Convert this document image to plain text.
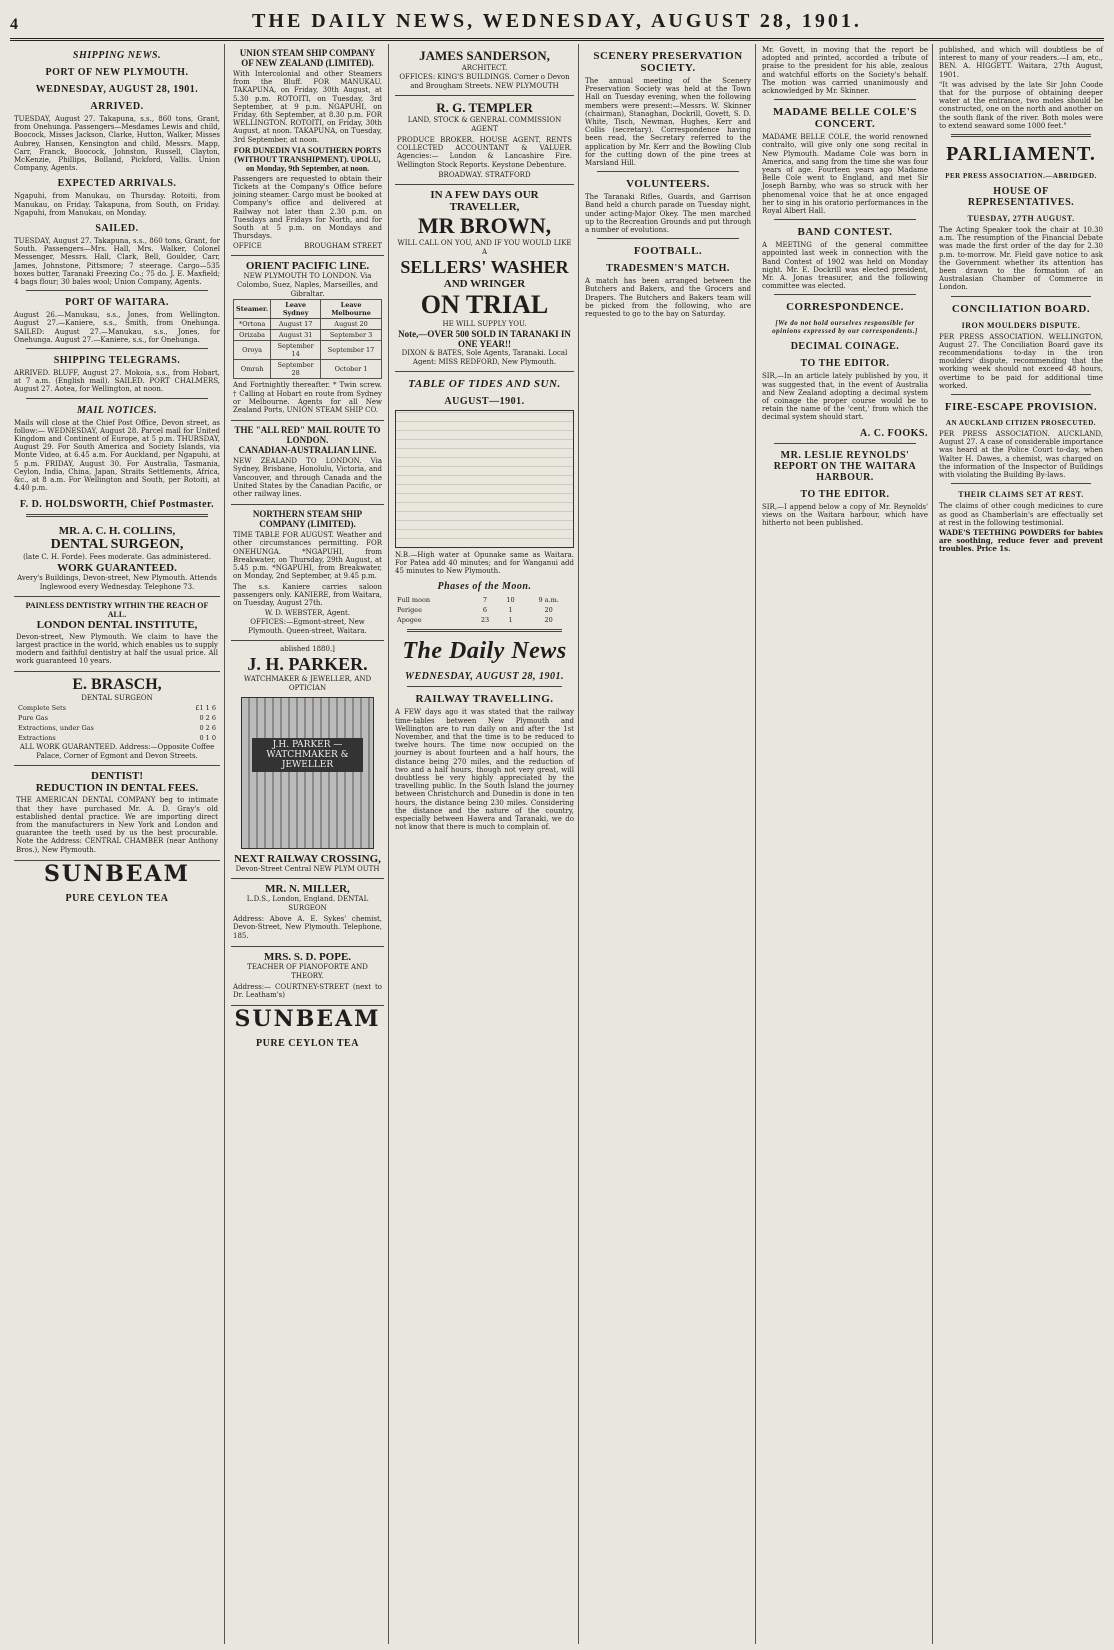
4	THE DAILY NEWS, WEDNESDAY, AUGUST 28, 1901.
SHIPPING NEWS.
PORT OF NEW PLYMOUTH.
WEDNESDAY, AUGUST 28, 1901.
ARRIVED.

TUESDAY, August 27. Takapuna, s.s., 860 tons, Grant, from Onehunga. Passengers—Mesdames Lewis and child, Boocock, Misses Jackson, Clarke, Hutton, Walker, Misses Aubrey, Hansen, Kensington and child, Messrs. Mapp, Carr, Franck, Boocock, Johnston, Russell, Clayton, McKenzie, Phillips, Bolland, Pickford, Vallis. Union Company, Agents.

EXPECTED ARRIVALS.

Ngapuhi, from Manukau, on Thursday. Rotoiti, from Manukau, on Friday. Takapuna, from South, on Friday. Ngapuhi, from Manukau, on Monday.

SAILED.

TUESDAY, August 27. Takapuna, s.s., 860 tons, Grant, for South. Passengers—Mrs. Hall, Mrs. Walker, Colonel Messenger, Messrs. Hall, Clark, Bell, Goulder, Carr, James, Johnstone, Pittsmore; 7 steerage. Cargo—535 boxes butter, Taranaki Freezing Co.; 75 do. J. E. Maxfield; 4 bags flour; 30 bales wool; Union Company, Agents.

PORT OF WAITARA.

August 26.—Manukau, s.s., Jones, from Wellington. August 27.—Kaniere, s.s., Smith, from Onehunga. SAILED: August 27.—Manukau, s.s., Jones, for Onehunga. August 27.—Kaniere, s.s., for Onehunga.

SHIPPING TELEGRAMS.

ARRIVED. BLUFF, August 27. Mokoia, s.s., from Hobart, at 7 a.m. (English mail). SAILED. PORT CHALMERS, August 27. Aotea, for Wellington, at noon.

MAIL NOTICES.

Mails will close at the Chief Post Office, Devon street, as follow:— WEDNESDAY, August 28. Parcel mail for United Kingdom and Continent of Europe, at 5 p.m. THURSDAY, August 29. For South America and Society Islands, via Monte Video, at 6.45 a.m. For Auckland, per Ngapuhi, at 5 p.m. FRIDAY, August 30. For Australia, Tasmania, Ceylon, India, China, Japan, Straits Settlements, Africa, &c., at 8 a.m. For Wellington and South, per Rotoiti, at 4.40 p.m.

F. D. HOLDSWORTH, Chief Postmaster.
MR. A. C. H. COLLINS,
DENTAL SURGEON,
(late C. H. Forde). Fees moderate. Gas administered.
WORK GUARANTEED.
Avery's Buildings, Devon-street, New Plymouth. Attends Inglewood every Wednesday. Telephone 73.
PAINLESS DENTISTRY WITHIN THE REACH OF ALL.
LONDON DENTAL INSTITUTE,

Devon-street, New Plymouth. We claim to have the largest practice in the world, which enables us to supply modern and faithful dentistry at half the usual price. All work guaranteed 10 years.

E. BRASCH,
DENTAL SURGEON
Complete Sets	£1 1 6
Pure Gas	0 2 6
Extractions, under Gas	0 2 6
Extractions	0 1 0
ALL WORK GUARANTEED. Address:—Opposite Coffee Palace, Corner of Egmont and Devon Streets.
DENTIST!
REDUCTION IN DENTAL FEES.

THE AMERICAN DENTAL COMPANY beg to intimate that they have purchased Mr. A. D. Gray's old established dental practice. We are importing direct from the manufacturers in New York and London and guarantee the teeth used by us the best procurable. Note the Address: CENTRAL CHAMBER (near Anthony Bros.), New Plymouth.

SUNBEAM
PURE CEYLON TEA
UNION STEAM SHIP COMPANY OF NEW ZEALAND (LIMITED).

With Intercolonial and other Steamers from the Bluff. FOR MANUKAU. TAKAPUNA, on Friday, 30th August, at 5.30 p.m. ROTOITI, on Tuesday, 3rd September, at 9 p.m. NGAPUHI, on Friday, 6th September, at 8.30 p.m. FOR WELLINGTON. ROTOITI, on Friday, 30th August, at noon. TAKAPUNA, on Tuesday, 3rd September, at noon.

FOR DUNEDIN VIA SOUTHERN PORTS (WITHOUT TRANSHIPMENT). UPOLU, on Monday, 9th September, at noon.

Passengers are requested to obtain their Tickets at the Company's Office before joining steamer. Cargo must be booked at Company's office and delivered at Railway not later than 2.30 p.m. on Tuesdays and Fridays for North, and for South at 5 p.m. on Mondays and Thursdays.

OFFICE	BROUGHAM STREET
ORIENT PACIFIC LINE.
NEW PLYMOUTH TO LONDON. Via Colombo, Suez, Naples, Marseilles, and Gibraltar.
Steamer.	Leave Sydney	Leave Melbourne
*Ortona	August 17	August 20
Orizaba	August 31	September 3
Oroya	September 14	September 17
Omrah	September 28	October 1

And Fortnightly thereafter. * Twin screw. † Calling at Hobart en route from Sydney or Melbourne. Agents for all New Zealand Ports, UNION STEAM SHIP CO.

THE "ALL RED" MAIL ROUTE TO LONDON.
CANADIAN-AUSTRALIAN LINE.

NEW ZEALAND TO LONDON. Via Sydney, Brisbane, Honolulu, Victoria, and Vancouver, and through Canada and the United States by the Canadian Pacific, or other railway lines.

NORTHERN STEAM SHIP COMPANY (LIMITED).

TIME TABLE FOR AUGUST. Weather and other circumstances permitting. FOR ONEHUNGA. *NGAPUHI, from Breakwater, on Thursday, 29th August, at 5.45 p.m. *NGAPUHI, from Breakwater, on Monday, 2nd September, at 9.45 p.m.

The s.s. Kaniere carries saloon passengers only. KANIERE, from Waitara, on Tuesday, August 27th.

W. D. WEBSTER, Agent.
OFFICES:—Egmont-street, New Plymouth. Queen-street, Waitara.
ablished 1880.]
J. H. PARKER.
WATCHMAKER & JEWELLER, AND OPTICIAN
J.H. PARKER — WATCHMAKER & JEWELLER
NEXT RAILWAY CROSSING,
Devon-Street Central NEW PLYM OUTH
MR. N. MILLER,
L.D.S., London, England. DENTAL SURGEON

Address: Above A. E. Sykes' chemist, Devon-Street, New Plymouth. Telephone, 185.

MRS. S. D. POPE.
TEACHER OF PIANOFORTE AND THEORY.

Address:— COURTNEY-STREET (next to Dr. Leatham's)

SUNBEAM
PURE CEYLON TEA
JAMES SANDERSON,
ARCHITECT.
OFFICES: KING'S BUILDINGS. Corner o Devon and Brougham Streets. NEW PLYMOUTH
R. G. TEMPLER
LAND, STOCK & GENERAL COMMISSION AGENT

PRODUCE BROKER. HOUSE AGENT, RENTS COLLECTED ACCOUNTANT & VALUER. Agencies:— London & Lancashire Fire. Wellington Stock Reports. Keystone Debenture.

BROADWAY. STRATFORD
IN A FEW DAYS OUR TRAVELLER,
MR BROWN,
WILL CALL ON YOU, AND IF YOU WOULD LIKE A
SELLERS' WASHER
AND WRINGER
ON TRIAL
HE WILL SUPPLY YOU.
Note,—OVER 500 SOLD IN TARANAKI IN ONE YEAR!!
DIXON & BATES, Sole Agents, Taranaki. Local Agent: MISS REDFORD, New Plymouth.
TABLE OF TIDES AND SUN.
AUGUST—1901.

N.B.—High water at Opunake same as Waitara. For Patea add 40 minutes; and for Wanganui add 45 minutes to New Plymouth.

Phases of the Moon.
Full moon	7	10	9 a.m.
Perigee	6	1	20
Apogee	23	1	20
The Daily News
WEDNESDAY, AUGUST 28, 1901.
RAILWAY TRAVELLING.

A FEW days ago it was stated that the railway time-tables between New Plymouth and Wellington are to run daily on and after the 1st November, and that the time is to be reduced to twelve hours. The time now occupied on the journey is about fourteen and a half hours, the distance being 270 miles, and the reduction of two and a half hours, though not very great, will doubtless be very highly appreciated by the travelling public. In the South Island the journey between Christchurch and Dunedin is done in ten hours, the distance being 230 miles. Considering the distance and the nature of the country, especially between Hawera and Taranaki, we do not know that there is much to complain of.

SCENERY PRESERVATION SOCIETY.

The annual meeting of the Scenery Preservation Society was held at the Town Hall on Tuesday evening, when the following members were present:—Messrs. W. Skinner (chairman), Stanaghan, Dockrill, Govett, S. D. White, Tisch, Newman, Hughes, Kerr and Collis (secretary). Correspondence having been read, the Secretary referred to the application by Mr. Kerr and the Bowling Club for the cutting down of the pine trees at Marsland Hill.

VOLUNTEERS.

The Taranaki Rifles, Guards, and Garrison Band held a church parade on Tuesday night, under acting-Major Okey. The men marched up to the Recreation Grounds and put through a number of evolutions.

FOOTBALL.
TRADESMEN'S MATCH.

A match has been arranged between the Butchers and Bakers, and the Grocers and Drapers. The Butchers and Bakers team will be picked from the following, who are requested to go to the bay on Saturday.

Mr. Govett, in moving that the report be adopted and printed, accorded a tribute of praise to the president for his able, zealous and watchful efforts on the Society's behalf. The motion was carried unanimously and acknowledged by Mr. Skinner.

MADAME BELLE COLE'S CONCERT.

MADAME BELLE COLE, the world renowned contralto, will give only one song recital in New Plymouth. Madame Cole was born in America, and sang from the time she was four years of age. Fourteen years ago Madame Belle Cole went to England, and met Sir Joseph Barnby, who was so struck with her phenomenal voice that he at once engaged her to sing in his oratorio performances in the Royal Albert Hall.

BAND CONTEST.

A MEETING of the general committee appointed last week in connection with the Band Contest of 1902 was held on Monday night. Mr. E. Dockrill was elected president, Mr. A. Jonas treasurer, and the following committee was elected.

CORRESPONDENCE.
[We do not hold ourselves responsible for opinions expressed by our correspondents.]
DECIMAL COINAGE.
TO THE EDITOR.

SIR,—In an article lately published by you, it was suggested that, in the event of Australia and New Zealand adopting a decimal system of coinage the proper course would be to retain the name of the 'cent,' from which the decimal system should start.

A. C. FOOKS.
MR. LESLIE REYNOLDS' REPORT ON THE WAITARA HARBOUR.
TO THE EDITOR.

SIR,—I append below a copy of Mr. Reynolds' views on the Waitara harbour, which have hitherto not been published.

published, and which will doubtless be of interest to many of your readers.—I am, etc., BEN. A. HIGGETT. Waitara, 27th August, 1901.

"It was advised by the late Sir John Coode that for the purpose of obtaining deeper water at the entrance, two moles should be constructed, one on the north and another on the south flank of the river. Both moles were to extend seaward some 1000 feet."

PARLIAMENT.
PER PRESS ASSOCIATION.—ABRIDGED.
HOUSE OF REPRESENTATIVES.
TUESDAY, 27TH AUGUST.

The Acting Speaker took the chair at 10.30 a.m. The resumption of the Financial Debate was made the first order of the day for 2.30 p.m. to-morrow. Mr. Field gave notice to ask the Government whether its attention has been drawn to the formation of an Australasian Chamber of Commerce in London.

CONCILIATION BOARD.
IRON MOULDERS DISPUTE.

PER PRESS ASSOCIATION. WELLINGTON, August 27. The Conciliation Board gave its recommendations to-day in the iron moulders' dispute, recommending that the working week should not exceed 48 hours, overtime to be paid for additional time worked.

FIRE-ESCAPE PROVISION.
AN AUCKLAND CITIZEN PROSECUTED.

PER PRESS ASSOCIATION. AUCKLAND, August 27. A case of considerable importance was heard at the Police Court to-day, when Walter H. Dawes, a chemist, was charged on the information of the Inspector of Buildings with violating the Building By-laws.

THEIR CLAIMS SET AT REST.

The claims of other cough medicines to cure as good as Chamberlain's are effectually set at rest in the following testimonial.

WADE'S TEETHING POWDERS for babies are soothing, reduce fever and prevent troubles. Price 1s.
